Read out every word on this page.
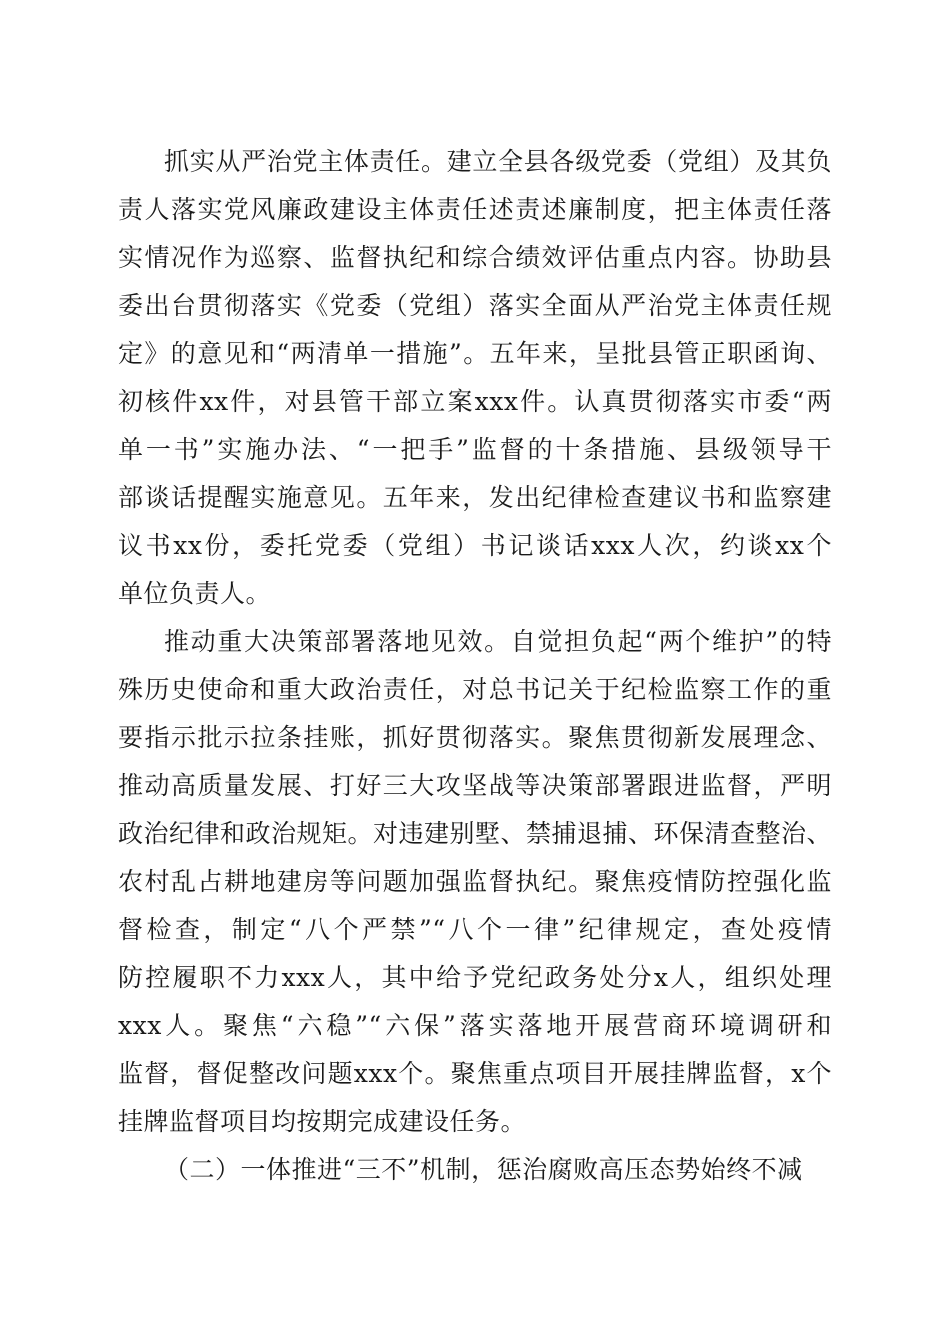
抓实从严治党主体责任。建立全县各级党委（党组）及其负
责人落实党风廉政建设主体责任述责述廉制度，把主体责任落
实情况作为巡察、监督执纪和综合绩效评估重点内容。协助县
委出台贯彻落实《党委（党组）落实全面从严治党主体责任规
定》的意见和“两清单一措施”。五年来，呈批县管正职函询、
初核件xx件，对县管干部立案xxx件。认真贯彻落实市委“两
单一书”实施办法、“一把手”监督的十条措施、县级领导干
部谈话提醒实施意见。五年来，发出纪律检查建议书和监察建
议书xx份，委托党委（党组）书记谈话xxx人次，约谈xx个
单位负责人。
推动重大决策部署落地见效。自觉担负起“两个维护”的特
殊历史使命和重大政治责任，对总书记关于纪检监察工作的重
要指示批示拉条挂账，抓好贯彻落实。聚焦贯彻新发展理念、
推动高质量发展、打好三大攻坚战等决策部署跟进监督，严明
政治纪律和政治规矩。对违建别墅、禁捕退捕、环保清查整治、
农村乱占耕地建房等问题加强监督执纪。聚焦疫情防控强化监
督检查，制定“八个严禁”“八个一律”纪律规定，查处疫情
防控履职不力xxx人，其中给予党纪政务处分x人，组织处理
xxx人。聚焦“六稳”“六保”落实落地开展营商环境调研和
监督，督促整改问题xxx个。聚焦重点项目开展挂牌监督，x个
挂牌监督项目均按期完成建设任务。
（二）一体推进“三不”机制，惩治腐败高压态势始终不减
